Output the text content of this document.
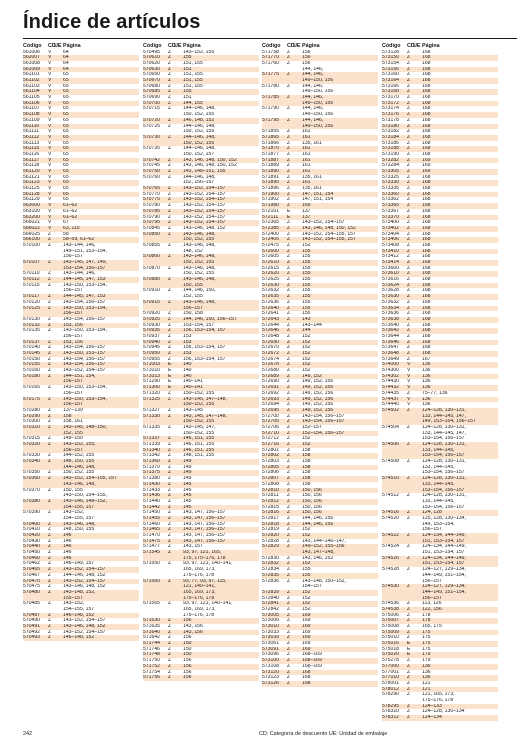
Índice de artículos
Código CDUE Página
561006 V 64
562007 V 64
561008 V 64
561009 V 64
561101 V 65
561102 V 65
561103 V 65
561104 V 65
561105 V 65
561106 V 65
561107 V 65
561108 V 65
561109 V 65
561110 V 65
561111 V 65
561112 V 65
561113 V 65
561115 V 65
561116 V 65
561117 V 65
561118 V 65
561120 V 65
561121 V 65
561123 V 65
561125 V 65
561128 V 65
561129 V 65
563000 V 61–62
563100 V 61–62
563200 V 61–62
566021 V 67
566022 V 63, 115
566025 Z 58
566100 Z 58–59, 61–62
570100 Z 143–144, 146,
149–151, 153–154,
156–157
570107 Z 143–145, 147, 149,
153–154, 156–157
570110 Z 143–144, 146,
570112 Z 144–145, 147, 153
570115 Z 143–150, 153–154,
156–157
570117 Z 144–145, 147, 153
570120 Z 143–154, 156–157
570125 Z 143–150, 153–154,
156–157
570130 Z 143–154, 156–157
570132 Z 153, 156
570135 Z 143–150, 153–154,
156–157
570137 Z 153, 156
570140 Z 143–154, 156–157
570145 Z 143–150, 153–157
570150 Z 143–154, 156–157
570155 Z 143–154, 156–157
570160 Z 143–152, 154–157
570180 Z 144–151, 154,
156–157
570165 Z 143–150, 153–154,
156–157
570175 Z 143–150, 153–154,
156–157
570280 Z 137–139
570290 Z 158
570300 Z 158, 161
570310 Z 143–145, 148–150,
152, 155
570315 Z 149–150
570320 Z 143–152, 155,
156–157
570330 Z 144–152, 155
570340 Z 148, 150, 155
144–146, 148,
570350 Z 150, 152, 155
570360 Z 143–152, 154–155, 157
143–146, 148,
570370 Z 150, 155
143–150, 154–155,
570380 Z 143–146, 148–152,
154–155, 157
570390 Z 143–152,
154–155, 157
570400 Z 143–146, 148,
570410 Z 148, 150, 155
570420 Z 146
570430 Z 146
570440 Z 146
570450 Z 146
570460 Z 146
570462 Z 146–149, 157
570465 Z 143–152, 154–157
570467 Z 144–146, 148, 152
570470 Z 143–152, 154–157
570475 Z 143–146, 148, 152
570480 Z 143–148, 152,
155–157
570485 Z 143–152,
154–155, 157
570487 Z 146–148, 152
570490 Z 143–152, 154–157
570491 Z 143–146, 148, 152
570492 Z 143–152, 154–157
570493 Z 146–148, 152
Código CDUE Página
570495 Z 143–152, 155
570610 Z 155
570620 Z 151, 155
570630 Z 151
570650 Z 151, 155
570670 Z 151, 155
570680 Z 151, 155
570685 Z 155
570690 Z 151
570700 Z 144, 155
570715 Z 144–146, 148,
150, 152, 155
570720 Z 146, 148, 152
570725 Z 144–146, 148,
150, 152, 155
570730 Z 144–146, 148,
150, 152, 155
570735 Z 144–146, 148,
150, 152, 157
570742 Z 143, 146, 148, 150, 152
570745 Z 143, 146, 148, 150, 152
570750 Z 143, 148–151, 155
570760 Z 144–146, 148,
152, 156–157
570765 Z 143–152, 154–157
570770 Z 143–152, 154–157
570775 Z 143–152, 154–157
570780 Z 143–152, 154–157
570785 Z 143–152, 154–157
570790 Z 143–152, 154–157
570795 Z 143–152, 154–157
570845 Z 143–146, 148, 152
570850 Z 143–146, 148,
150, 152, 155
570855 Z 143–146, 148,
148, 152
570860 Z 143–146, 148,
150, 152, 155
570870 Z 143–146, 148,
150, 152, 155
570880 Z 143–146, 148,
150, 155
570910 Z 144, 146, 150,
152, 155
570915 Z 143–146, 148,
156–157
570920 Z 150, 158
570925 Z 144, 146, 150, 156–157
570930 Z 153–154, 157
570935 Z 156, 153–154, 157
570937 Z 153
570940 Z 153
570945 Z 156, 153–154, 157
570950 Z 153
570955 Z 156, 153–154, 157
571003 E 140
571010 E 140
571013 E 140
571290 E 140–141
571300 E 140–141
571320 Z 150–152, 155
571325 Z 143–145, 147–148,
150–152, 155
571327 Z 143–145
571330 Z 143, 145, 147–148,
150–152, 155
571335 Z 143–145, 147,
150–152, 155
571337 Z 146, 151, 155
571339 Z 146, 151, 155
571340 Z 146, 151, 155
571342 Z 148, 151, 155
571360 Z 149
571370 Z 149
571375 Z 149
571380 Z 149
571430 Z 145
571433 Z 145
571436 Z 145
571440 Z 145
571442 Z 145
571450 Z 143, 147, 156–157
571455 Z 143, 147, 156–157
571460 Z 143, 147, 156–157
571465 Z 143, 147, 156–157
571470 Z 143, 147, 156–157
571475 Z 143, 147, 156–157
571477 Z 143, 157
571545 Z 93, 97, 121, 165,
175, 175–176, 178
571550 Z 93, 97, 121, 140–141,
165, 169, 173,
175–176, 178
571560 Z 93, 77, 93, 97, 115,
121, 140–141,
165, 169, 173,
175–176, 178
571565 Z 93, 97, 121, 140–141,
165, 169, 173,
175–176, 178
571630 Z 156
571635 Z 143, 156
571640 Z 143, 156
571642 Z 156
571744 Z 150
571746 Z 150
571748 Z 150
571750 Z 156
571752 Z 156
571754 Z 156
571756 Z 156
Código CDUE Página
571758 Z 156
571770 Z 156
571760 Z 156
144, 146,
571775 Z 144, 146,
149–150, 156
571780 Z 144, 146,
149–150, 156
571785 Z 144, 146,
149–150, 156
571790 Z 144, 146,
149–150, 156
571795 Z 144, 146,
149–150, 156
571855 Z 161
571865 Z 161
571866 Z 135, 161
571870 Z 161
571877 Z 161
571887 Z 161
571889 Z 161
571890 Z 161
571891 Z 135, 161
571895 Z 161
571896 Z 135, 161
571900 Z 147, 151, 154
571902 Z 147, 151, 154
571980 Z 169
572101 E 137
572111 E 137
572365 Z 143–152, 154–157
572385 Z 143, 146, 148, 150, 152
572400 Z 143–152, 154–155, 157
572405 Z 143–152, 154–155, 157
572475 Z 152
572600 Z 155
572605 Z 155
572610 Z 155
572615 Z 155
572620 Z 155
572625 Z 155
572630 Z 155
572632 Z 155
572635 Z 155
572636 Z 155
572640 Z 155
572641 Z 155
572643 Z 143
572644 Z 143–144
572646 Z 144
572648 Z 152
572650 Z 152
572670 Z 152
572672 Z 152
572674 Z 152
572678 Z 152
572680 Z 152
572689 Z 149, 152
572690 Z 149, 152, 156
572691 Z 149, 152, 156
572692 Z 149, 152, 156
572693 Z 149, 152, 156
572694 Z 149, 152, 156
572695 Z 149, 152, 156
572700 Z 143–154, 156–157
572705 Z 143–154, 156–157
572706 Z 152–157
572710 Z 152–154, 156–157
572712 Z 152
572716 Z 152
572801 Z 158
572802 Z 158
572803 Z 158
572805 Z 158
572806 Z 158
572807 Z 158
572808 Z 158
572810 Z 150, 156
572811 Z 150, 156
572812 Z 150, 156
572815 Z 150, 156
572816 Z 150, 156
572817 Z 144, 146, 156
572818 Z 144, 146, 156
572819 Z 152
572820 Z 152
572828 Z 143, 144–146–147,
572829 Z 149–152, 155–156
143, 147–148,
572830 Z 143, 146, 152
572832 Z 153
572834 Z 155
572835 Z 155
572836 Z 143–148, 150–152,
154–157
572839 Z 152
572840 Z 152
572841 Z 152
572842 Z 152
573005 Z 169
573006 Z 169
573010 Z 169
573033 Z 169
573039 Z 169
573061 Z 169
573091 Z 169
573096 Z 168–169
573100 Z 168–169
573108 Z 168–169
573120 Z 168
573123 Z 168
573126 Z 168
Código CDUE Página
573128 Z 168
573150 Z 168
573154 Z 168
573156 Z 168
573160 Z 168
573164 Z 168
573166 Z 168
573168 Z 168
573170 Z 168
573172 Z 168
573174 Z 168
573176 Z 168
573178 Z 168
573180 Z 168
573182 Z 168
573184 Z 168
573186 Z 168
573188 Z 168
573190 Z 168
573282 Z 169
573284 Z 169
573305 Z 169
573325 Z 168
573330 Z 168
573335 Z 168
573360 Z 168
573362 Z 168
573365 Z 168
573367 Z 168
573370 Z 168
573400 Z 168
573402 Z 168
573404 Z 168
573406 Z 168
573408 Z 168
573410 Z 168
573412 Z 168
573414 Z 168
573600 Z 168
573610 Z 168
573616 Z 168
573624 Z 168
573628 Z 168
573630 Z 168
573632 Z 168
573634 Z 168
573636 Z 168
573638 Z 168
573640 Z 168
573642 Z 168
573644 Z 168
573646 Z 168
573647 Z 168
573648 Z 168
573649 Z 167
574000 V 136
574300 V 136
574302 V 136
574430 V 136
574432 V 136
574435 Z 75–77, 136
574437 V 136
574440 V 136
574502 Z 124–128, 130–131,
133, 144–145, 147,
149, 153–154, 156–157
574504 Z 124–128, 130–131,
133, 144–145, 147,
153–154, 156–157
574506 Z 124–128, 130–131,
133, 144–145,
153–154, 156–157
574508 Z 124–128, 130–131,
133, 144–145,
153–154, 156–157
574510 Z 124–128, 130–131,
133, 144–145,
153–154, 156–157
574512 Z 124–128, 130–131,
133, 144–145,
153–154, 156–157
574516 Z 124, 128
574520 Z 125, 128, 130–134,
149, 153–154,
156–157
574522 Z 124–134, 144–149,
151, 153–154, 157
574524 Z 124–134, 144–149,
151, 153–154, 157
574526 Z 124–134, 144–149,
151, 153–154, 157
574528 Z 124–127, 129–134,
144–149, 151–154,
156–157
574530 Z 124–127, 129–134,
144–149, 151–154,
156–157
574536 Z 113, 126
574538 Z 122, 156
575006 Z 178
575007 Z 178
575008 Z 165, 175
575009 Z 175
575010 Z 175
575016 E 175
575018 E 175
575020 E 179
575278 Z 179
577000 Z 136
577001 Z 136
577010 Z 136
578001 Z 121
578012 Z 121
578290 Z 121, 165, 173,
175–176, 178
578295 Z 124–133
578310 Z 124–128, 130–134
578312 Z 124–134
242	CD: Categoría de descuento UE: Unidad de embalaje
